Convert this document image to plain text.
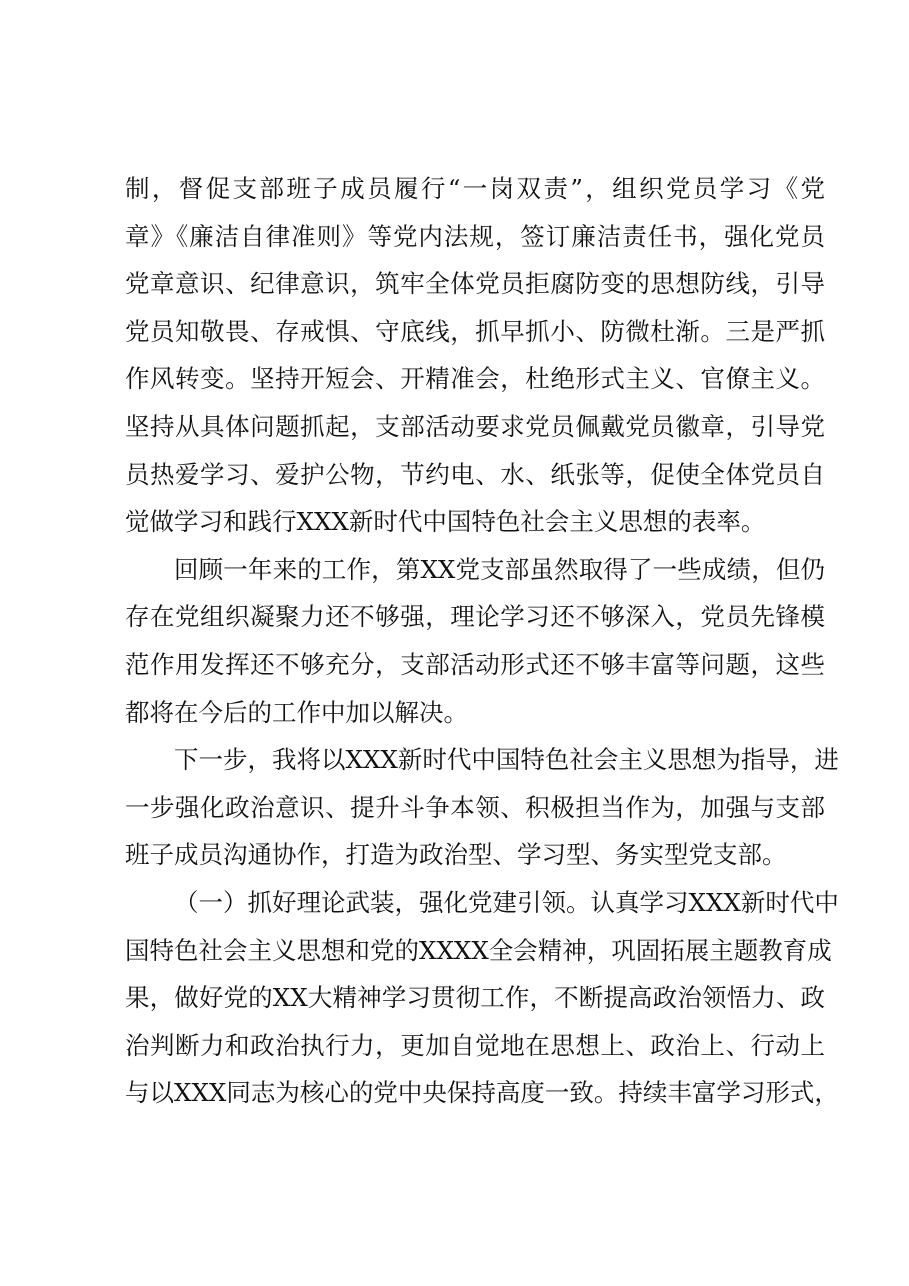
制，督促支部班子成员履行“一岗双责”，组织党员学习《党
章》《廉洁自律准则》等党内法规，签订廉洁责任书，强化党员
党章意识、纪律意识，筑牢全体党员拒腐防变的思想防线，引导
党员知敬畏、存戒惧、守底线，抓早抓小、防微杜渐。三是严抓
作风转变。坚持开短会、开精准会，杜绝形式主义、官僚主义。
坚持从具体问题抓起，支部活动要求党员佩戴党员徽章，引导党
员热爱学习、爱护公物，节约电、水、纸张等，促使全体党员自
觉做学习和践行XXX新时代中国特色社会主义思想的表率。
回顾一年来的工作，第XX党支部虽然取得了一些成绩，但仍
存在党组织凝聚力还不够强，理论学习还不够深入，党员先锋模
范作用发挥还不够充分，支部活动形式还不够丰富等问题，这些
都将在今后的工作中加以解决。
下一步，我将以XXX新时代中国特色社会主义思想为指导，进
一步强化政治意识、提升斗争本领、积极担当作为，加强与支部
班子成员沟通协作，打造为政治型、学习型、务实型党支部。
（一）抓好理论武装，强化党建引领。认真学习XXX新时代中
国特色社会主义思想和党的XXXX全会精神，巩固拓展主题教育成
果，做好党的XX大精神学习贯彻工作，不断提高政治领悟力、政
治判断力和政治执行力，更加自觉地在思想上、政治上、行动上
与以XXX同志为核心的党中央保持高度一致。持续丰富学习形式，
